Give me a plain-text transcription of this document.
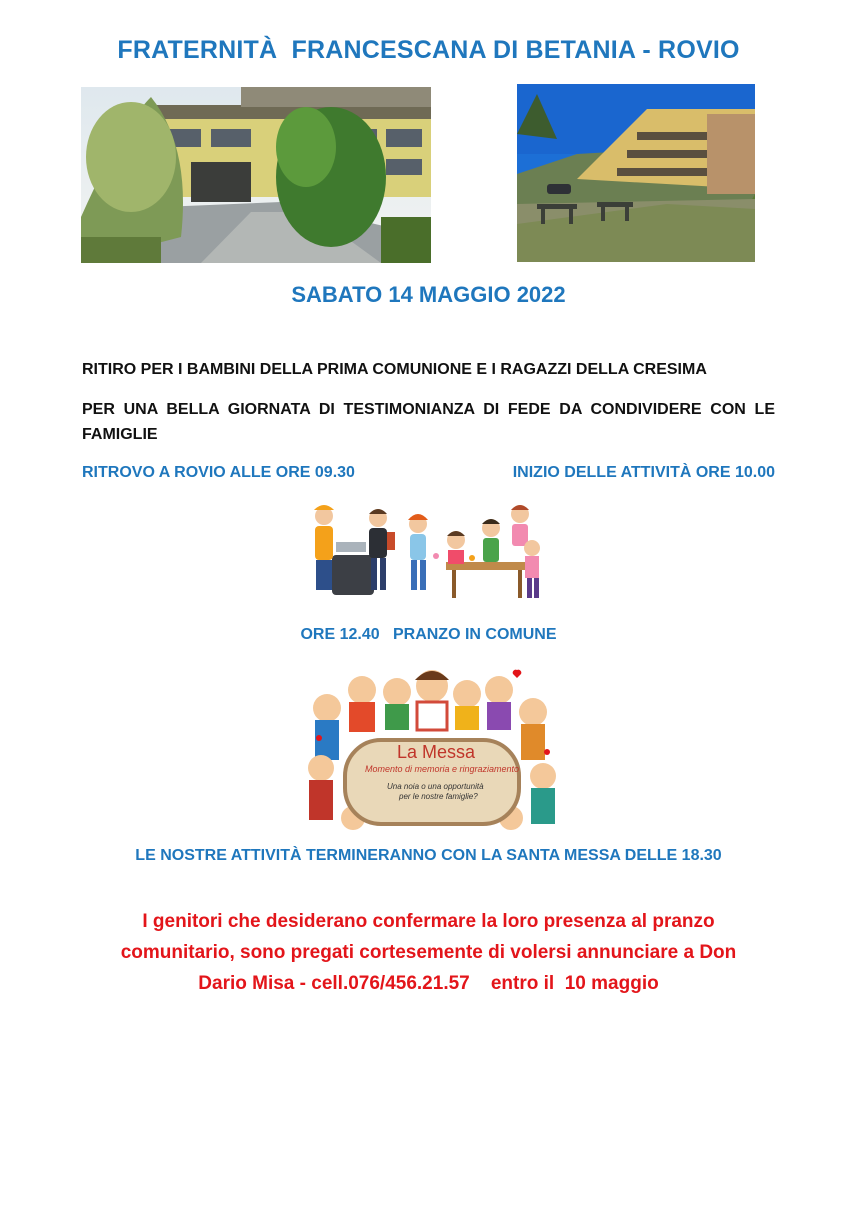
FRATERNITÀ  FRANCESCANA DI BETANIA - ROVIO
SABATO 14 MAGGIO 2022
RITIRO PER I BAMBINI DELLA PRIMA COMUNIONE E I RAGAZZI DELLA CRESIMA
PER UNA BELLA GIORNATA DI TESTIMONIANZA DI FEDE DA CONDIVIDERE CON LE FAMIGLIE
RITROVO A ROVIO ALLE ORE 09.30	INIZIO DELLE ATTIVITÀ ORE 10.00
ORE 12.40   PRANZO IN COMUNE
La Messa
Momento di memoria e ringraziamento
Una noia o una opportunità
per le nostre famiglie?
LE NOSTRE ATTIVITÀ TERMINERANNO CON LA SANTA MESSA DELLE 18.30
I genitori che desiderano confermare la loro presenza al pranzo
comunitario, sono pregati cortesemente di volersi annunciare a Don
Dario Misa - cell.076/456.21.57    entro il  10 maggio
